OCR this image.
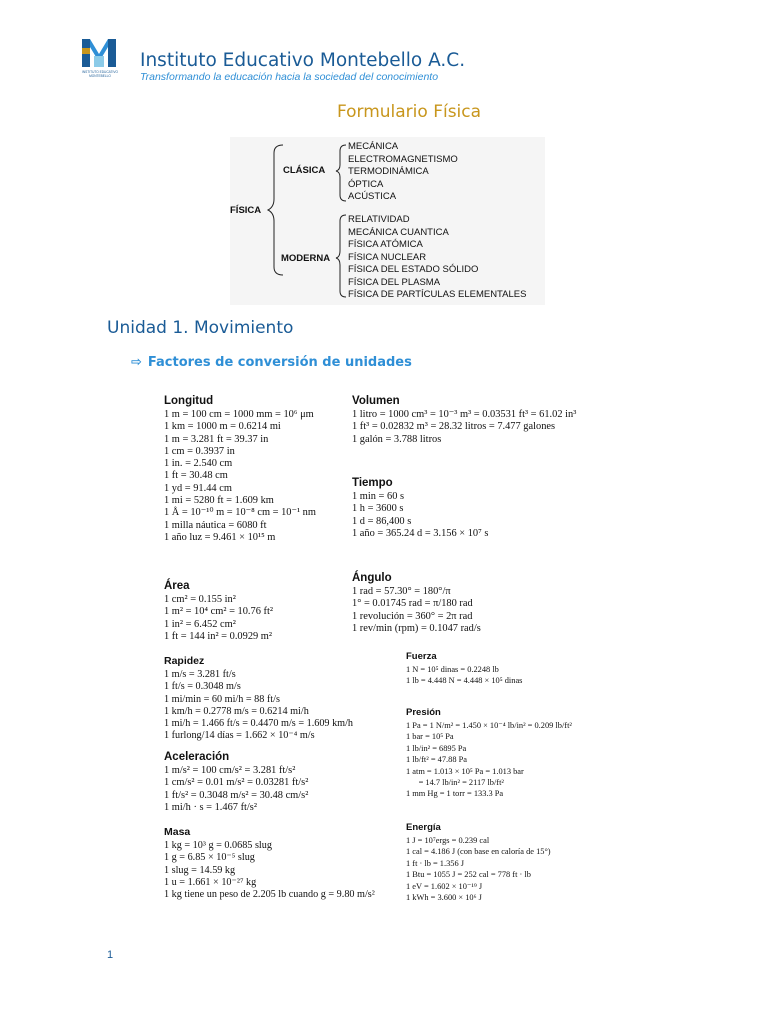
INSTITUTO EDUCATIVO MONTEBELLO
Instituto Educativo Montebello A.C.
Transformando la educación hacia la sociedad del conocimiento
Formulario Física
FÍSICA
CLÁSICA
MODERNA
MECÁNICA
ELECTROMAGNETISMO
TERMODINÁMICA
ÓPTICA
ACÚSTICA
RELATIVIDAD
MECÁNICA CUANTICA
FÍSICA ATÓMICA
FÍSICA NUCLEAR
FÍSICA DEL ESTADO SÓLIDO
FÍSICA DEL PLASMA
FÍSICA DE PARTÍCULAS ELEMENTALES
Unidad 1. Movimiento
⇨ Factores de conversión de unidades
Longitud
1 m = 100 cm = 1000 mm = 10⁶ μm
1 km = 1000 m = 0.6214 mi
1 m = 3.281 ft = 39.37 in
1 cm = 0.3937 in
1 in. = 2.540 cm
1 ft = 30.48 cm
1 yd = 91.44 cm
1 mi = 5280 ft = 1.609 km
1 Å = 10⁻¹⁰ m = 10⁻⁸ cm = 10⁻¹ nm
1 milla náutica = 6080 ft
1 año luz = 9.461 × 10¹⁵ m
Volumen
1 litro = 1000 cm³ = 10⁻³ m³ = 0.03531 ft³ = 61.02 in³
1 ft³ = 0.02832 m³ = 28.32 litros = 7.477 galones
1 galón = 3.788 litros
Tiempo
1 min = 60 s
1 h = 3600 s
1 d = 86,400 s
1 año = 365.24 d = 3.156 × 10⁷ s
Área
1 cm² = 0.155 in²
1 m² = 10⁴ cm² = 10.76 ft²
1 in² = 6.452 cm²
1 ft = 144 in² = 0.0929 m²
Ángulo
1 rad = 57.30° = 180°/π
1° = 0.01745 rad = π/180 rad
1 revolución = 360° = 2π rad
1 rev/min (rpm) = 0.1047 rad/s
Rapidez
1 m/s = 3.281 ft/s
1 ft/s = 0.3048 m/s
1 mi/min = 60 mi/h = 88 ft/s
1 km/h = 0.2778 m/s = 0.6214 mi/h
1 mi/h = 1.466 ft/s = 0.4470 m/s = 1.609 km/h
1 furlong/14 días = 1.662 × 10⁻⁴ m/s
Fuerza
1 N = 10⁵ dinas = 0.2248 lb
1 lb = 4.448 N = 4.448 × 10⁵ dinas
Presión
1 Pa = 1 N/m² = 1.450 × 10⁻⁴ lb/in² = 0.209 lb/ft²
1 bar = 10⁵ Pa
1 lb/in² = 6895 Pa
1 lb/ft² = 47.88 Pa
1 atm = 1.013 × 10⁵ Pa = 1.013 bar
= 14.7 lb/in² = 2117 lb/ft²
1 mm Hg = 1 torr = 133.3 Pa
Aceleración
1 m/s² = 100 cm/s² = 3.281 ft/s²
1 cm/s² = 0.01 m/s² = 0.03281 ft/s²
1 ft/s² = 0.3048 m/s² = 30.48 cm/s²
1 mi/h · s = 1.467 ft/s²
Masa
1 kg = 10³ g = 0.0685 slug
1 g = 6.85 × 10⁻⁵ slug
1 slug = 14.59 kg
1 u = 1.661 × 10⁻²⁷ kg
1 kg tiene un peso de 2.205 lb cuando g = 9.80 m/s²
Energía
1 J = 10⁷ergs = 0.239 cal
1 cal = 4.186 J (con base en caloría de 15°)
1 ft · lb = 1.356 J
1 Btu = 1055 J = 252 cal = 778 ft · lb
1 eV = 1.602 × 10⁻¹⁹ J
1 kWh = 3.600 × 10⁶ J
1
